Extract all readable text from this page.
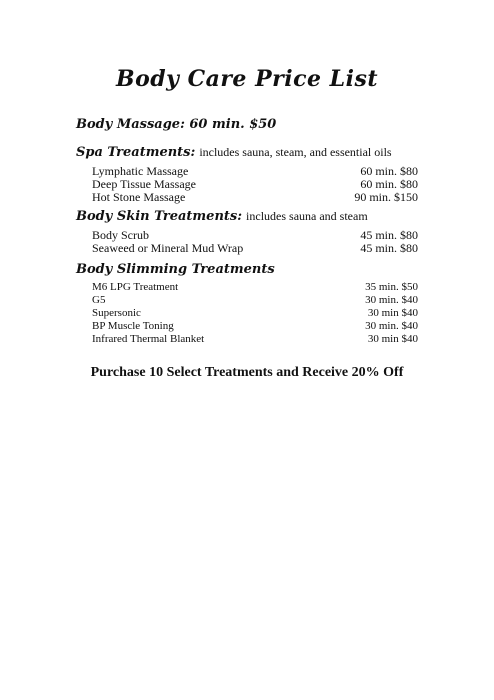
Body Care Price List
Body Massage: 60 min. $50
Spa Treatments: includes sauna, steam, and essential oils
Lymphatic Massage	60 min. $80
Deep Tissue Massage	60 min. $80
Hot Stone Massage	90 min. $150
Body Skin Treatments: includes sauna and steam
Body Scrub	45 min. $80
Seaweed or Mineral Mud Wrap	45 min. $80
Body Slimming Treatments
M6 LPG Treatment	35 min. $50
G5	30 min. $40
Supersonic	30 min $40
BP Muscle Toning	30 min. $40
Infrared Thermal Blanket	30 min $40
Purchase 10 Select Treatments and Receive 20% Off
